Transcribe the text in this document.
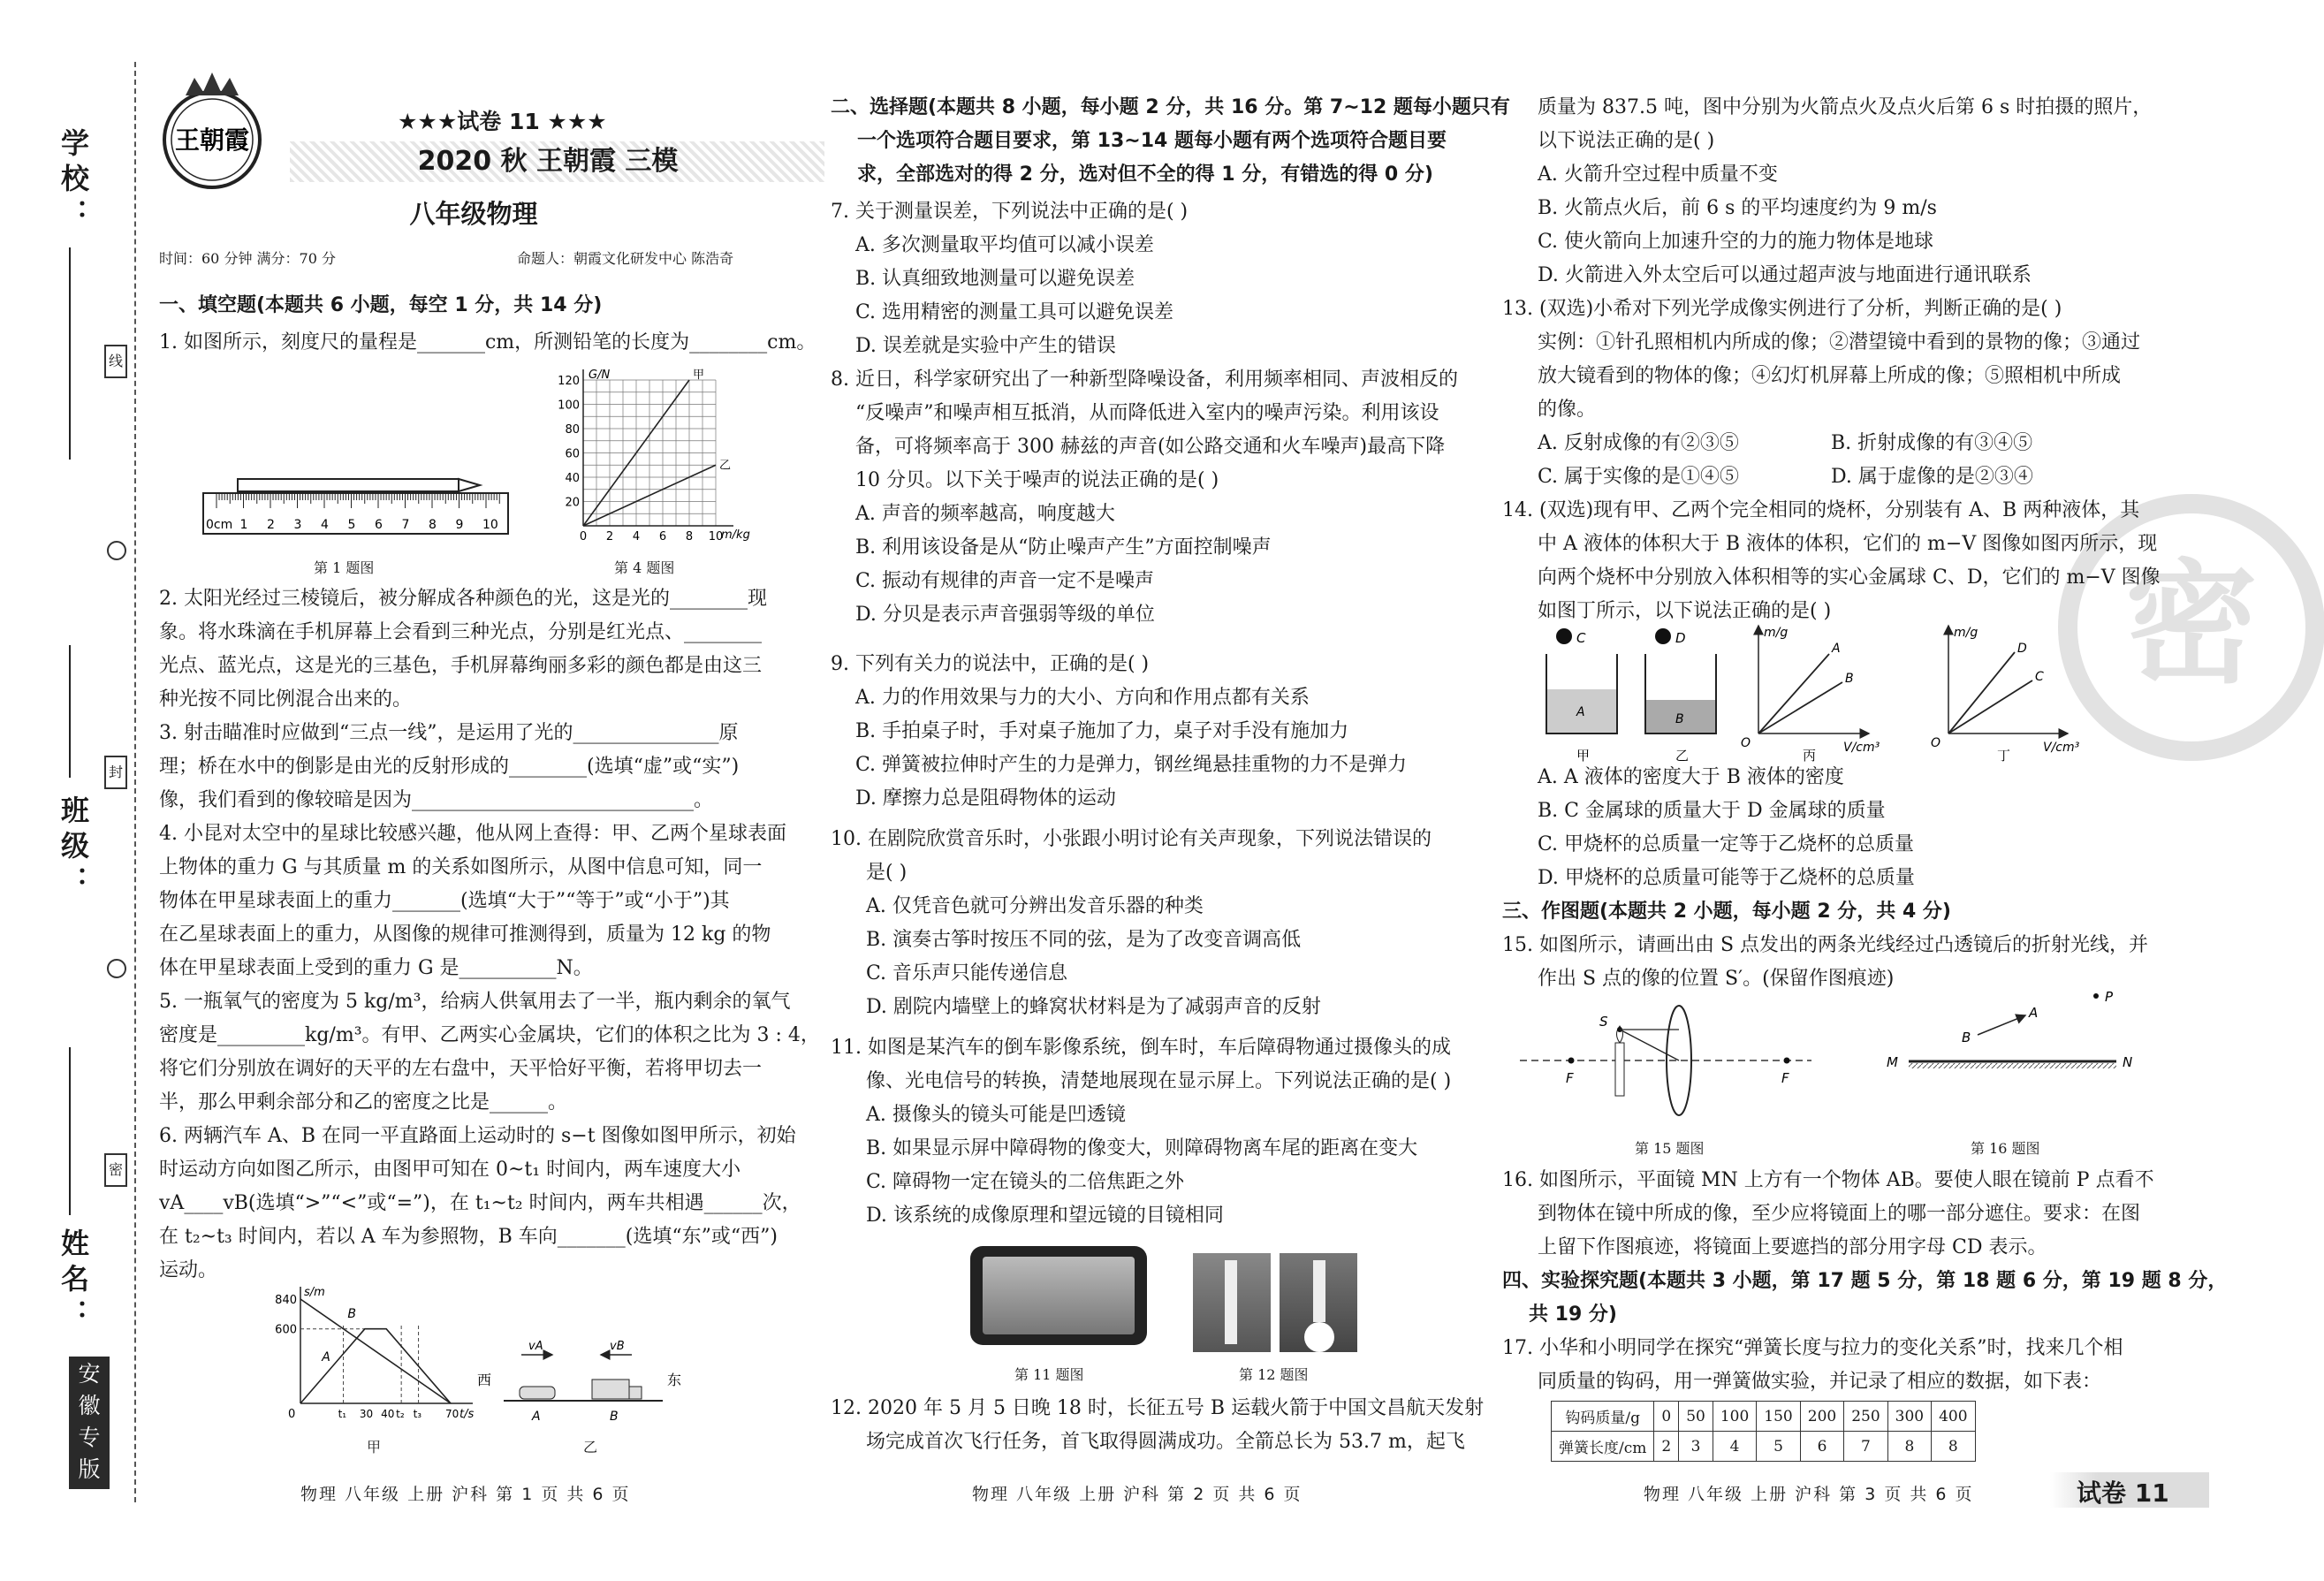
学校：
班级：
姓名：
线
封
密
安徽专版
王朝霞
★★★试卷 11 ★★★
2020 秋 王朝霞 三模
八年级物理
时间：60 分钟 满分：70 分	命题人：朝霞文化研发中心 陈浩奇
一、填空题(本题共 6 小题，每空 1 分，共 14 分)
1. 如图所示，刻度尺的量程是_______cm，所测铅笔的长度为________cm。
0cm 1 2 3 4 5 6 7 8 9 10
第 1 题图
20
40
60
80
100
120
0 2 4 6 8 10
G/N
m/kg
甲
乙
第 4 题图
2. 太阳光经过三棱镜后，被分解成各种颜色的光，这是光的________现
象。将水珠滴在手机屏幕上会看到三种光点，分别是红光点、________
光点、蓝光点，这是光的三基色，手机屏幕绚丽多彩的颜色都是由这三
种光按不同比例混合出来的。
3. 射击瞄准时应做到“三点一线”，是运用了光的_______________原
理；桥在水中的倒影是由光的反射形成的________(选填“虚”或“实”)
像，我们看到的像较暗是因为_____________________________。
4. 小昆对太空中的星球比较感兴趣，他从网上查得：甲、乙两个星球表面
上物体的重力 G 与其质量 m 的关系如图所示，从图中信息可知，同一
物体在甲星球表面上的重力_______(选填“大于”“等于”或“小于”)其
在乙星球表面上的重力，从图像的规律可推测得到，质量为 12 kg 的物
体在甲星球表面上受到的重力 G 是__________N。
5. 一瓶氧气的密度为 5 kg/m³，给病人供氧用去了一半，瓶内剩余的氧气
密度是_________kg/m³。有甲、乙两实心金属块，它们的体积之比为 3 : 4，
将它们分别放在调好的天平的左右盘中，天平恰好平衡，若将甲切去一
半，那么甲剩余部分和乙的密度之比是______。
6. 两辆汽车 A、B 在同一平直路面上运动时的 s−t 图像如图甲所示，初始
时运动方向如图乙所示，由图甲可知在 0~t₁ 时间内，两车速度大小
vA____vB(选填“>”“<”或“=”)，在 t₁~t₂ 时间内，两车共相遇______次，
在 t₂~t₃ 时间内，若以 A 车为参照物，B 车向_______(选填“东”或“西”)
运动。
s/m
t/s
600
840
0	t₁ 30 40 t₂ t₃ 70
A
B
甲
西	东
vA	vB
A	B
乙
物理 八年级 上册 沪科 第 1 页 共 6 页
二、选择题(本题共 8 小题，每小题 2 分，共 16 分。第 7~12 题每小题只有
一个选项符合题目要求，第 13~14 题每小题有两个选项符合题目要
求，全部选对的得 2 分，选对但不全的得 1 分，有错选的得 0 分)
7. 关于测量误差，下列说法中正确的是( )
A. 多次测量取平均值可以减小误差
B. 认真细致地测量可以避免误差
C. 选用精密的测量工具可以避免误差
D. 误差就是实验中产生的错误
8. 近日，科学家研究出了一种新型降噪设备，利用频率相同、声波相反的
“反噪声”和噪声相互抵消，从而降低进入室内的噪声污染。利用该设
备，可将频率高于 300 赫兹的声音(如公路交通和火车噪声)最高下降
10 分贝。以下关于噪声的说法正确的是( )
A. 声音的频率越高，响度越大
B. 利用该设备是从“防止噪声产生”方面控制噪声
C. 振动有规律的声音一定不是噪声
D. 分贝是表示声音强弱等级的单位
9. 下列有关力的说法中，正确的是( )
A. 力的作用效果与力的大小、方向和作用点都有关系
B. 手拍桌子时，手对桌子施加了力，桌子对手没有施加力
C. 弹簧被拉伸时产生的力是弹力，钢丝绳悬挂重物的力不是弹力
D. 摩擦力总是阻碍物体的运动
10. 在剧院欣赏音乐时，小张跟小明讨论有关声现象，下列说法错误的
是( )
A. 仅凭音色就可分辨出发音乐器的种类
B. 演奏古筝时按压不同的弦，是为了改变音调高低
C. 音乐声只能传递信息
D. 剧院内墙壁上的蜂窝状材料是为了减弱声音的反射
11. 如图是某汽车的倒车影像系统，倒车时，车后障碍物通过摄像头的成
像、光电信号的转换，清楚地展现在显示屏上。下列说法正确的是( )
A. 摄像头的镜头可能是凹透镜
B. 如果显示屏中障碍物的像变大，则障碍物离车尾的距离在变大
C. 障碍物一定在镜头的二倍焦距之外
D. 该系统的成像原理和望远镜的目镜相同
第 11 题图	第 12 题图
12. 2020 年 5 月 5 日晚 18 时，长征五号 B 运载火箭于中国文昌航天发射
场完成首次飞行任务，首飞取得圆满成功。全箭总长为 53.7 m，起飞
物理 八年级 上册 沪科 第 2 页 共 6 页
密
质量为 837.5 吨，图中分别为火箭点火及点火后第 6 s 时拍摄的照片，
以下说法正确的是( )
A. 火箭升空过程中质量不变
B. 火箭点火后，前 6 s 的平均速度约为 9 m/s
C. 使火箭向上加速升空的力的施力物体是地球
D. 火箭进入外太空后可以通过超声波与地面进行通讯联系
13. (双选)小希对下列光学成像实例进行了分析，判断正确的是( )
实例：①针孔照相机内所成的像；②潜望镜中看到的景物的像；③通过
放大镜看到的物体的像；④幻灯机屏幕上所成的像；⑤照相机中所成
的像。
A. 反射成像的有②③⑤	B. 折射成像的有③④⑤
C. 属于实像的是①④⑤	D. 属于虚像的是②③④
14. (双选)现有甲、乙两个完全相同的烧杯，分别装有 A、B 两种液体，其
中 A 液体的体积大于 B 液体的体积，它们的 m−V 图像如图丙所示，现
向两个烧杯中分别放入体积相等的实心金属球 C、D，它们的 m−V 图像
如图丁所示，以下说法正确的是( )
C
A
甲
D
B
乙
m/g
O	V/cm³
A
B
丙
m/g
O	V/cm³
D
C
丁
A. A 液体的密度大于 B 液体的密度
B. C 金属球的质量大于 D 金属球的质量
C. 甲烧杯的总质量一定等于乙烧杯的总质量
D. 甲烧杯的总质量可能等于乙烧杯的总质量
三、作图题(本题共 2 小题，每小题 2 分，共 4 分)
15. 如图所示，请画出由 S 点发出的两条光线经过凸透镜后的折射光线，并
作出 S 点的像的位置 S′。(保留作图痕迹)
F	F
S
第 15 题图
P
A
B
M	N
第 16 题图
16. 如图所示，平面镜 MN 上方有一个物体 AB。要使人眼在镜前 P 点看不
到物体在镜中所成的像，至少应将镜面上的哪一部分遮住。要求：在图
上留下作图痕迹，将镜面上要遮挡的部分用字母 CD 表示。
四、实验探究题(本题共 3 小题，第 17 题 5 分，第 18 题 6 分，第 19 题 8 分，
共 19 分)
17. 小华和小明同学在探究“弹簧长度与拉力的变化关系”时，找来几个相
同质量的钩码，用一弹簧做实验，并记录了相应的数据，如下表：
钩码质量/g	0	50	100	150	200	250	300	400
弹簧长度/cm	2	3	4	5	6	7	8	8
物理 八年级 上册 沪科 第 3 页 共 6 页	试卷 11
